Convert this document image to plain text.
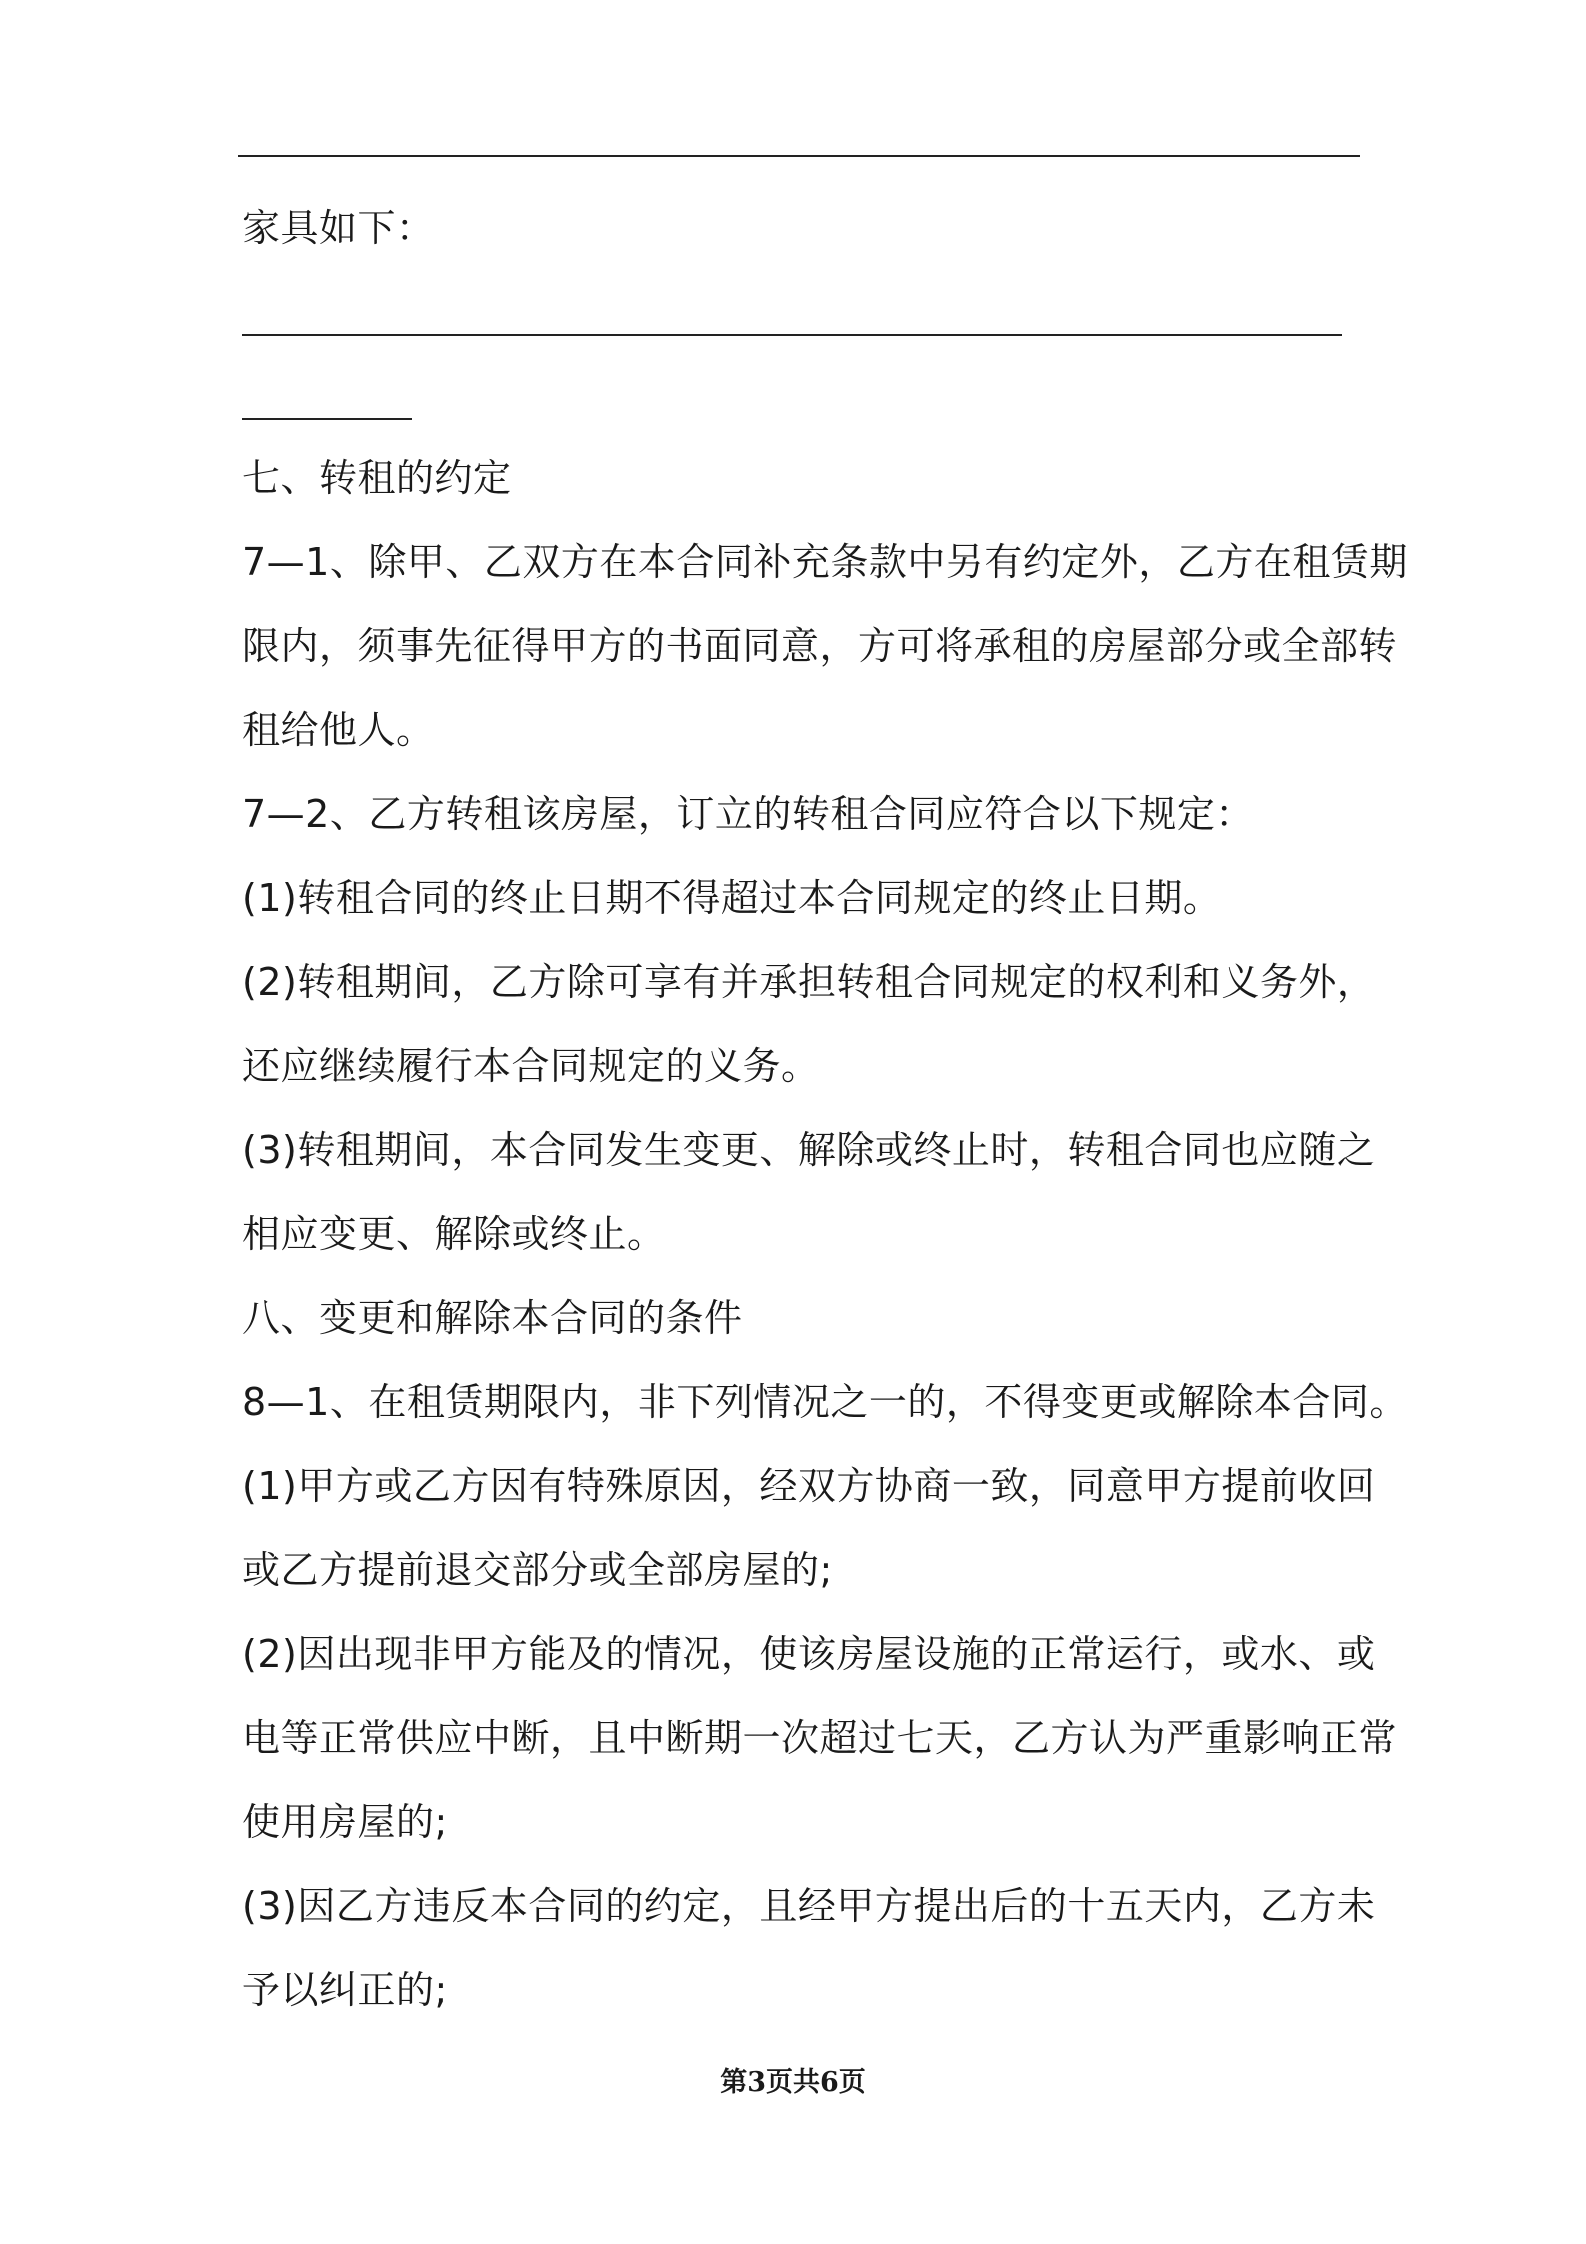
家具如下：
七、转租的约定
7—1、除甲、乙双方在本合同补充条款中另有约定外，乙方在租赁期
限内，须事先征得甲方的书面同意，方可将承租的房屋部分或全部转
租给他人。
7—2、乙方转租该房屋，订立的转租合同应符合以下规定：
(1)转租合同的终止日期不得超过本合同规定的终止日期。
(2)转租期间，乙方除可享有并承担转租合同规定的权利和义务外，
还应继续履行本合同规定的义务。
(3)转租期间，本合同发生变更、解除或终止时，转租合同也应随之
相应变更、解除或终止。
八、变更和解除本合同的条件
8—1、在租赁期限内，非下列情况之一的，不得变更或解除本合同。
(1)甲方或乙方因有特殊原因，经双方协商一致，同意甲方提前收回
或乙方提前退交部分或全部房屋的;
(2)因出现非甲方能及的情况，使该房屋设施的正常运行，或水、或
电等正常供应中断，且中断期一次超过七天，乙方认为严重影响正常
使用房屋的;
(3)因乙方违反本合同的约定，且经甲方提出后的十五天内，乙方未
予以纠正的;
第3页共6页
